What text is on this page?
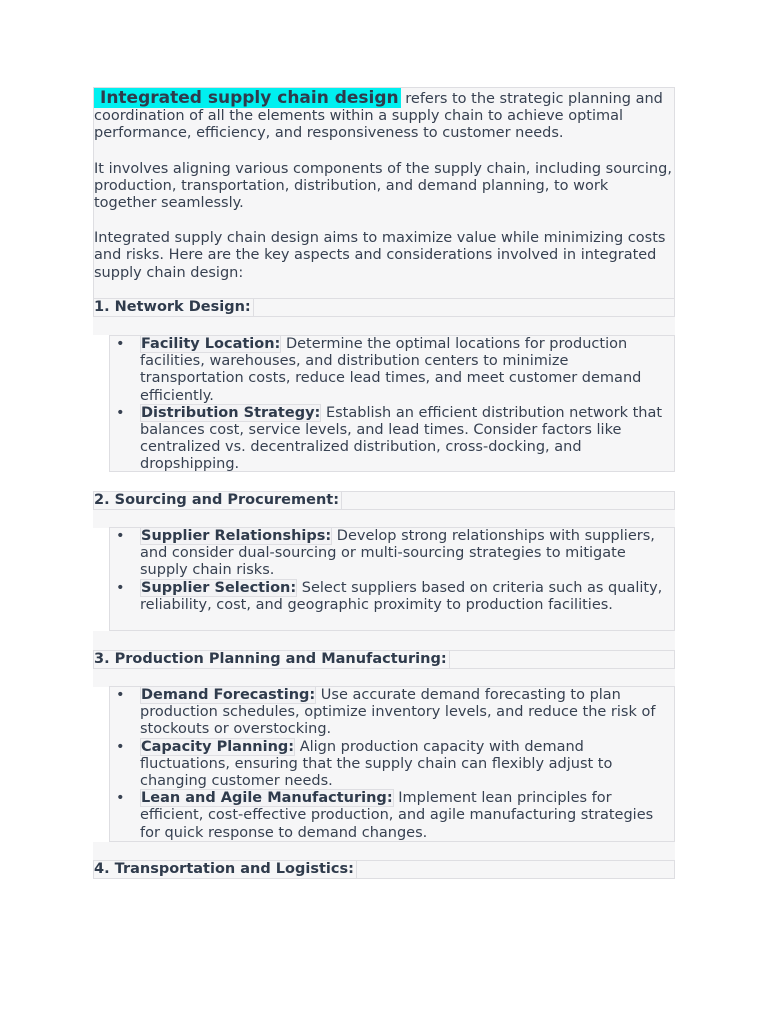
Integrated supply chain design refers to the strategic planning and coordination of all the elements within a supply chain to achieve optimal performance, efficiency, and responsiveness to customer needs.

It involves aligning various components of the supply chain, including sourcing, production, transportation, distribution, and demand planning, to work together seamlessly.

Integrated supply chain design aims to maximize value while minimizing costs and risks. Here are the key aspects and considerations involved in integrated supply chain design:

1. Network Design:
• Facility Location: Determine the optimal locations for production facilities, warehouses, and distribution centers to minimize transportation costs, reduce lead times, and meet customer demand efficiently.
• Distribution Strategy: Establish an efficient distribution network that balances cost, service levels, and lead times. Consider factors like centralized vs. decentralized distribution, cross-docking, and dropshipping.
2. Sourcing and Procurement:
• Supplier Relationships: Develop strong relationships with suppliers, and consider dual-sourcing or multi-sourcing strategies to mitigate supply chain risks.
• Supplier Selection: Select suppliers based on criteria such as quality, reliability, cost, and geographic proximity to production facilities.
3. Production Planning and Manufacturing:
• Demand Forecasting: Use accurate demand forecasting to plan production schedules, optimize inventory levels, and reduce the risk of stockouts or overstocking.
• Capacity Planning: Align production capacity with demand fluctuations, ensuring that the supply chain can flexibly adjust to changing customer needs.
• Lean and Agile Manufacturing: Implement lean principles for efficient, cost-effective production, and agile manufacturing strategies for quick response to demand changes.
4. Transportation and Logistics:
